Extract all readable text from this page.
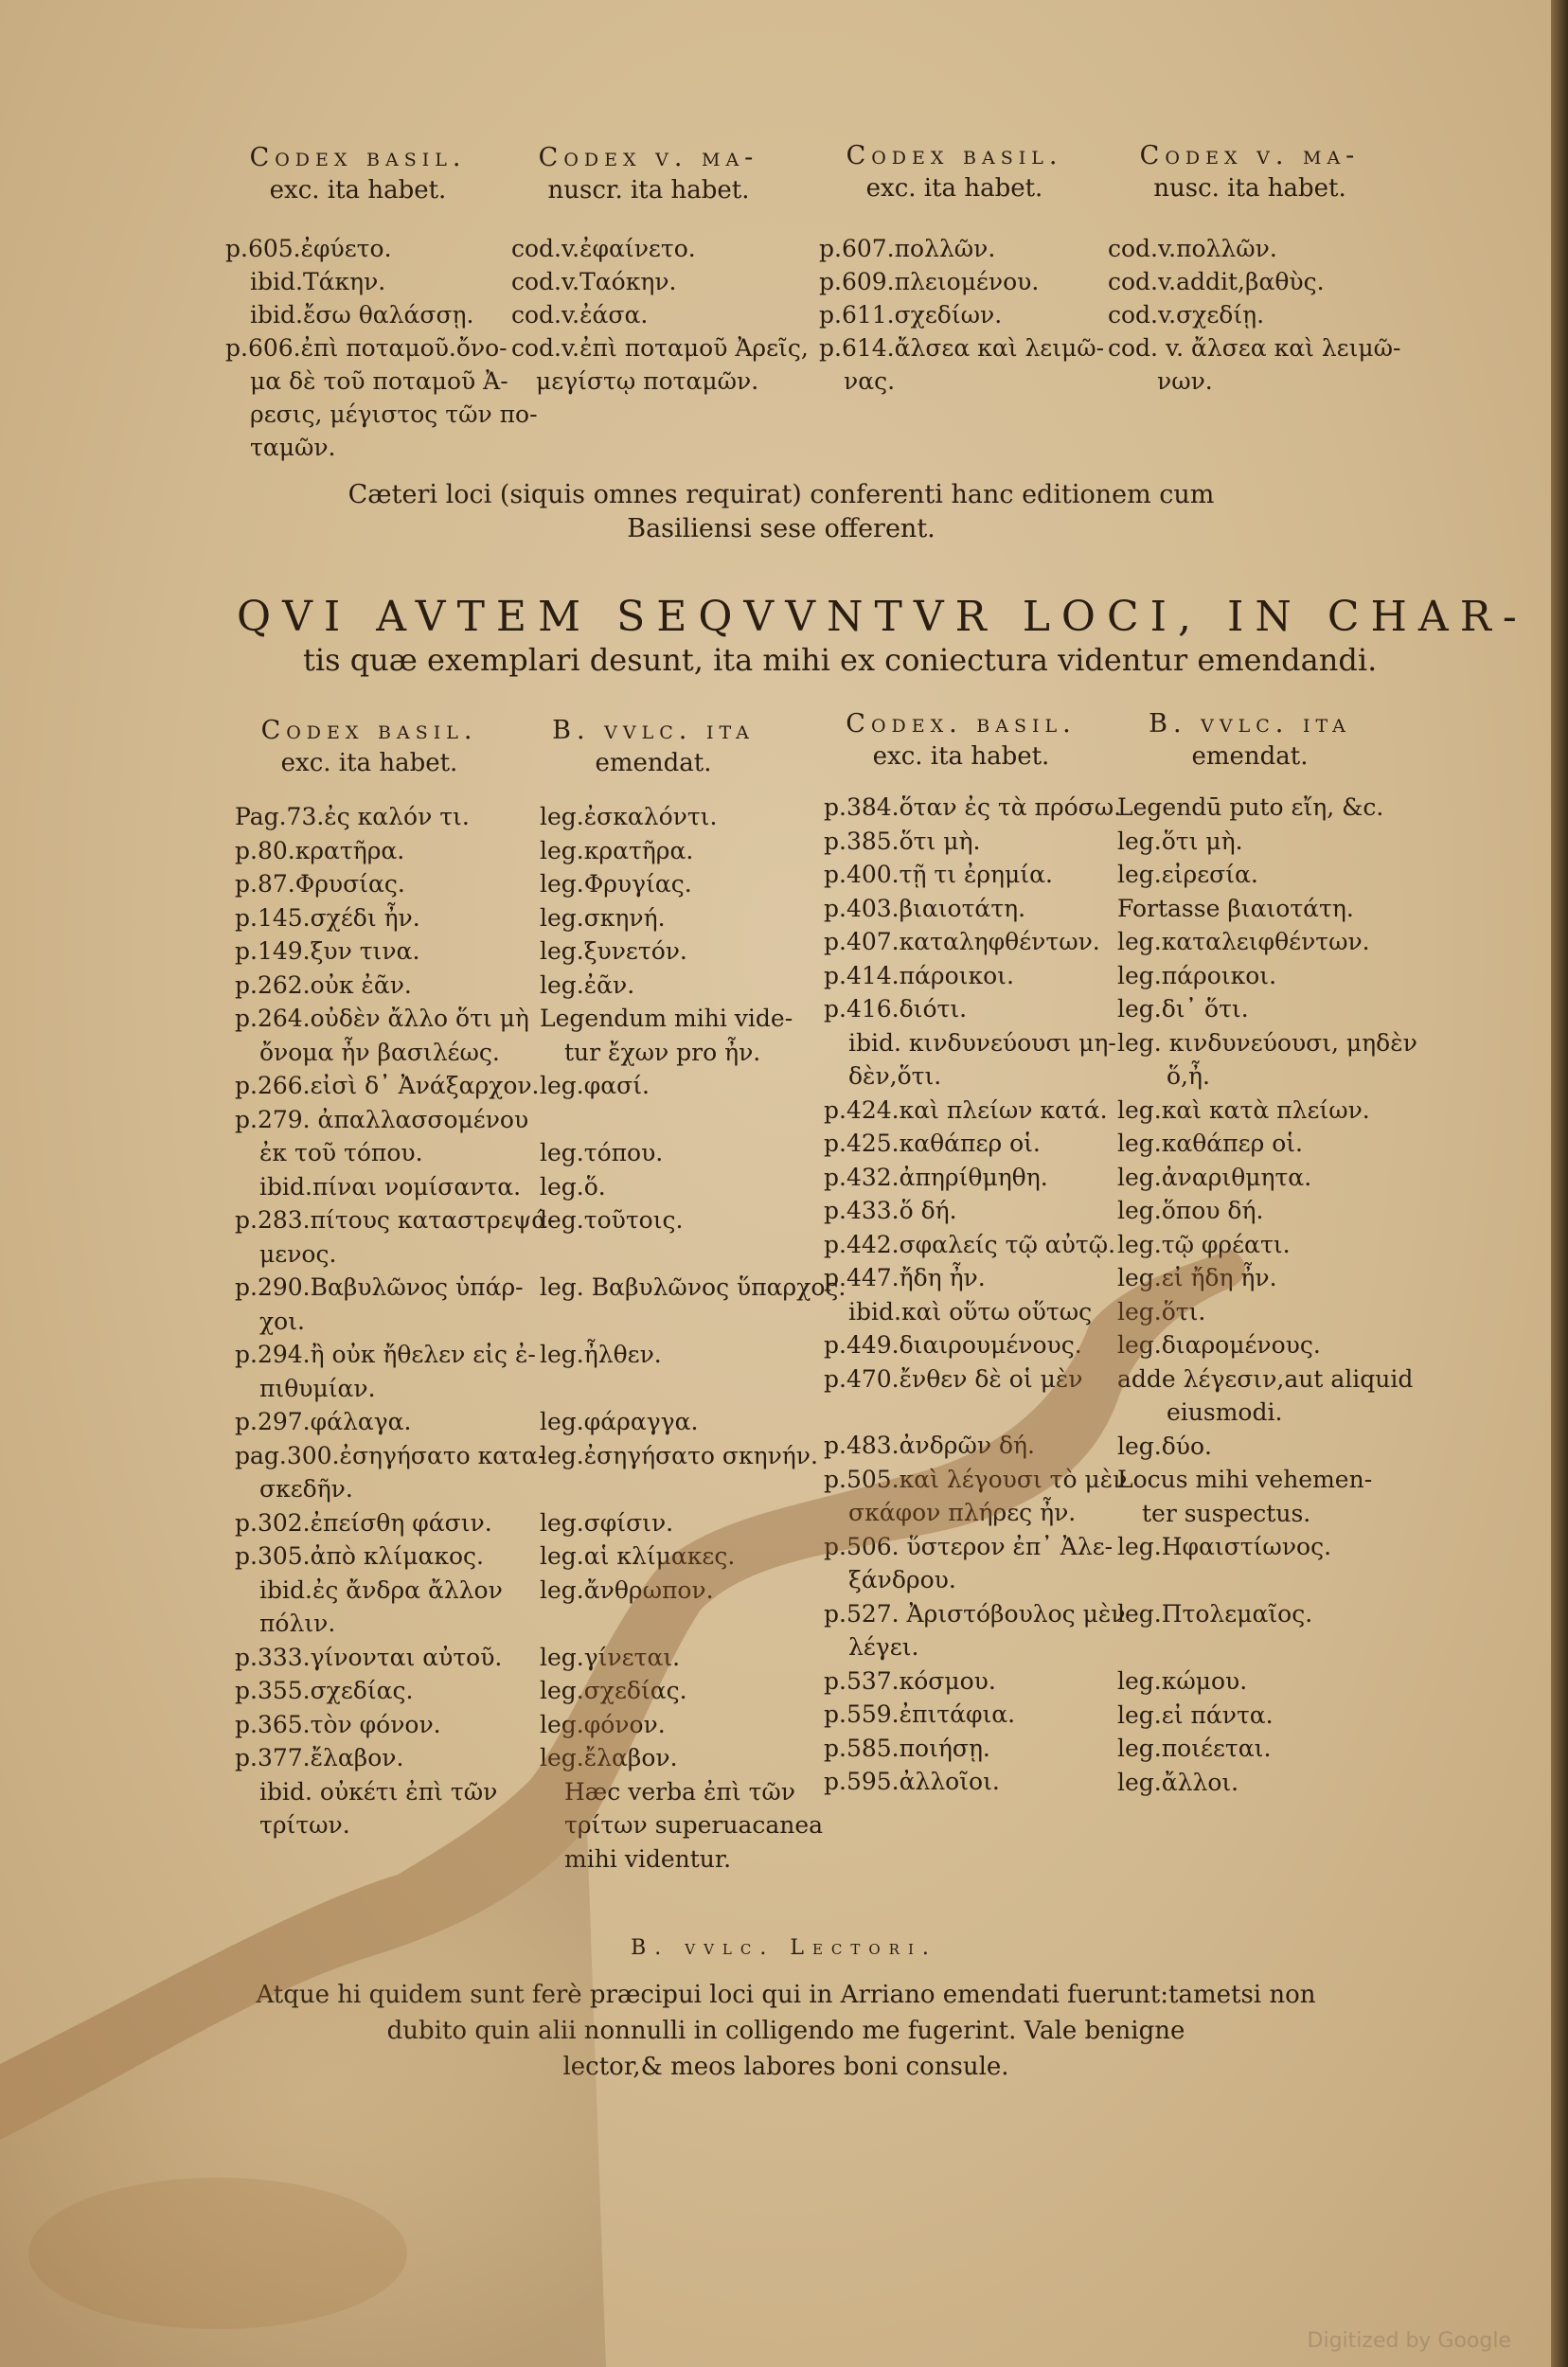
Codex basil.
exc. ita habet.
Codex v. ma-
nuscr. ita habet.
Codex basil.
exc. ita habet.
Codex v. ma-
nusc. ita habet.
p.605.ἐφύετο.
ibid.Τάκην.
ibid.ἔσω θαλάσσῃ.
p.606.ἐπὶ ποταμοῦ.ὄνο-
μα δὲ τοῦ ποταμοῦ Ἀ-
ρεσις, μέγιστος τῶν πο-
ταμῶν.
cod.v.ἐφαίνετο.
cod.v.Ταόκην.
cod.v.ἐάσα.
cod.v.ἐπὶ ποταμοῦ Ἀρεῖς,
μεγίστῳ ποταμῶν.
p.607.πολλῶν.
p.609.πλειομένου.
p.611.σχεδίων.
p.614.ἄλσεα καὶ λειμῶ-
νας.
cod.v.πολλῶν.
cod.v.addit,βαθὺς.
cod.v.σχεδίῃ.
cod. v. ἄλσεα καὶ λειμῶ-
νων.
Cæteri loci (siquis omnes requirat) conferenti hanc editionem cum
Basiliensi sese offerent.
QVI AVTEM SEQVVNTVR LOCI, IN CHAR-
tis quæ exemplari desunt, ita mihi ex coniectura videntur emendandi.
Codex basil.
exc. ita habet.
B. vvlc. ita
emendat.
Codex. basil.
exc. ita habet.
B. vvlc. ita
emendat.
Pag.73.ἐς καλόν τι.
p.80.κρατῆρα.
p.87.Φρυσίας.
p.145.σχέδι ἦν.
p.149.ξυν τινα.
p.262.οὐκ ἐᾶν.
p.264.οὐδὲν ἄλλο ὅτι μὴ
ὄνομα ἦν βασιλέως.
p.266.εἰσὶ δ᾽ Ἀνάξαρχον.
p.279. ἀπαλλασσομένου
ἐκ τοῦ τόπου.
ibid.πίναι νομίσαντα.
p.283.πίτους καταστρεψά-
μενος.
p.290.Βαβυλῶνος ὑπάρ-
χοι.
p.294.ἢ οὐκ ἤθελεν εἰς ἐ-
πιθυμίαν.
p.297.φάλαγα.
pag.300.ἐσηγήσατο κατα-
σκεδῆν.
p.302.ἐπείσθη φάσιν.
p.305.ἀπὸ κλίμακος.
ibid.ἐς ἄνδρα ἄλλον
πόλιν.
p.333.γίνονται αὐτοῦ.
p.355.σχεδίας.
p.365.τὸν φόνον.
p.377.ἔλαβον.
ibid. οὐκέτι ἐπὶ τῶν
τρίτων.
leg.ἐσκαλόντι.
leg.κρατῆρα.
leg.Φρυγίας.
leg.σκηνή.
leg.ξυνετόν.
leg.ἐᾶν.
Legendum mihi vide-
tur ἔχων pro ἦν.
leg.φασί.

leg.τόπου.
leg.ὅ.
leg.τοῦτοις.

leg. Βαβυλῶνος ὕπαρχος.

leg.ἦλθεν.

leg.φάραγγα.
leg.ἐσηγήσατο σκηνήν.

leg.σφίσιν.
leg.αἱ κλίμακες.
leg.ἄνθρωπον.

leg.γίνεται.
leg.σχεδίας.
leg.φόνον.
leg.ἔλαβον.
Hæc verba ἐπὶ τῶν
τρίτων superuacanea
mihi videntur.
p.384.ὅταν ἐς τὰ πρόσω.
p.385.ὅτι μὴ.
p.400.τῇ τι ἐρημία.
p.403.βιαιοτάτη.
p.407.καταληφθέντων.
p.414.πάροικοι.
p.416.διότι.
ibid. κινδυνεύουσι μη-
δὲν,ὅτι.
p.424.καὶ πλείων κατά.
p.425.καθάπερ οἱ.
p.432.ἀπηρίθμηθη.
p.433.ὅ δή.
p.442.σφαλείς τῷ αὐτῷ.
p.447.ἤδη ἦν.
ibid.καὶ οὕτω οὕτως
p.449.διαιρουμένους.
p.470.ἔνθεν δὲ οἱ μὲν
p.483.ἀνδρῶν δή.
p.505.καὶ λέγουσι τὸ μὲν
σκάφον πλήρες ἦν.
p.506. ὕστερον ἐπ᾽ Ἀλε-
ξάνδρου.
p.527. Ἀριστόβουλος μὲν
λέγει.
p.537.κόσμου.
p.559.ἐπιτάφια.
p.585.ποιήσῃ.
p.595.ἀλλοῖοι.
Legendū puto εἴη, &c.
leg.ὅτι μὴ.
leg.εἰρεσία.
Fortasse βιαιοτάτη.
leg.καταλειφθέντων.
leg.πάροικοι.
leg.δι᾽ ὅτι.
leg. κινδυνεύουσι, μηδὲν
ὅ,ἦ.
leg.καὶ κατὰ πλείων.
leg.καθάπερ οἱ.
leg.ἀναριθμητα.
leg.ὅπου δή.
leg.τῷ φρέατι.
leg.εἰ ἤδη ἦν.
leg.ὅτι.
leg.διαρομένους.
adde λέγεσιν,aut aliquid
eiusmodi.
leg.δύο.
Locus mihi vehemen-
ter suspectus.
leg.Ηφαιστίωνος.

leg.Πτολεμαῖος.

leg.κώμου.
leg.εἰ πάντα.
leg.ποιέεται.
leg.ἄλλοι.
B. vvlc. Lectori.
Atque hi quidem sunt ferè præcipui loci qui in Arriano emendati fuerunt:tametsi non
dubito quin alii nonnulli in colligendo me fugerint. Vale benigne
lector,& meos labores boni consule.
Digitized by Google
